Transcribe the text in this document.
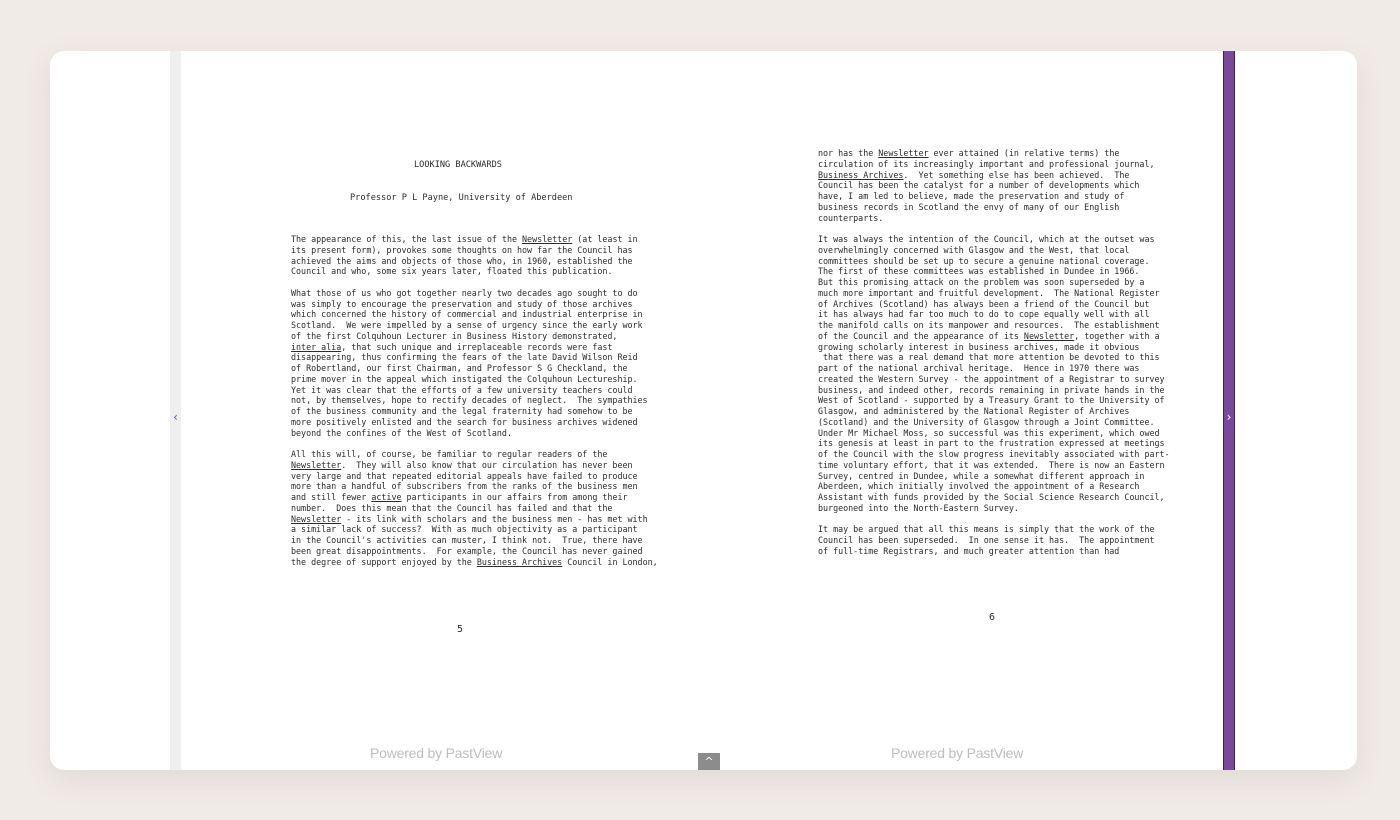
‹
LOOKING BACKWARDS
Professor P L Payne, University of Aberdeen
The appearance of this, the last issue of the Newsletter (at least in
its present form), provokes some thoughts on how far the Council has
achieved the aims and objects of those who, in 1960, established the
Council and who, some six years later, floated this publication.
What those of us who got together nearly two decades ago sought to do
was simply to encourage the preservation and study of those archives
which concerned the history of commercial and industrial enterprise in
Scotland.  We were impelled by a sense of urgency since the early work
of the first Colquhoun Lecturer in Business History demonstrated,
inter alia, that such unique and irreplaceable records were fast
disappearing, thus confirming the fears of the late David Wilson Reid
of Robertland, our first Chairman, and Professor S G Checkland, the
prime mover in the appeal which instigated the Colquhoun Lectureship.
Yet it was clear that the efforts of a few university teachers could
not, by themselves, hope to rectify decades of neglect.  The sympathies
of the business community and the legal fraternity had somehow to be
more positively enlisted and the search for business archives widened
beyond the confines of the West of Scotland.
All this will, of course, be familiar to regular readers of the
Newsletter.  They will also know that our circulation has never been
very large and that repeated editorial appeals have failed to produce
more than a handful of subscribers from the ranks of the business men
and still fewer active participants in our affairs from among their
number.  Does this mean that the Council has failed and that the
Newsletter - its link with scholars and the business men - has met with
a similar lack of success?  With as much objectivity as a participant
in the Council's activities can muster, I think not.  True, there have
been great disappointments.  For example, the Council has never gained
the degree of support enjoyed by the Business Archives Council in London,
5
Powered by PastView
nor has the Newsletter ever attained (in relative terms) the
circulation of its increasingly important and professional journal,
Business Archives.  Yet something else has been achieved.  The
Council has been the catalyst for a number of developments which
have, I am led to believe, made the preservation and study of
business records in Scotland the envy of many of our English
counterparts.
It was always the intention of the Council, which at the outset was
overwhelmingly concerned with Glasgow and the West, that local
committees should be set up to secure a genuine national coverage.
The first of these committees was established in Dundee in 1966.
But this promising attack on the problem was soon superseded by a
much more important and fruitful development.  The National Register
of Archives (Scotland) has always been a friend of the Council but
it has always had far too much to do to cope equally well with all
the manifold calls on its manpower and resources.  The establishment
of the Council and the appearance of its Newsletter, together with a
growing scholarly interest in business archives, made it obvious
that there was a real demand that more attention be devoted to this
part of the national archival heritage.  Hence in 1970 there was
created the Western Survey - the appointment of a Registrar to survey
business, and indeed other, records remaining in private hands in the
West of Scotland - supported by a Treasury Grant to the University of
Glasgow, and administered by the National Register of Archives
(Scotland) and the University of Glasgow through a Joint Committee.
Under Mr Michael Moss, so successful was this experiment, which owed
its genesis at least in part to the frustration expressed at meetings
of the Council with the slow progress inevitably associated with part-
time voluntary effort, that it was extended.  There is now an Eastern
Survey, centred in Dundee, while a somewhat different approach in
Aberdeen, which initially involved the appointment of a Research
Assistant with funds provided by the Social Science Research Council,
burgeoned into the North-Eastern Survey.
It may be argued that all this means is simply that the work of the
Council has been superseded.  In one sense it has.  The appointment
of full-time Registrars, and much greater attention than had
6
Powered by PastView
^
›
